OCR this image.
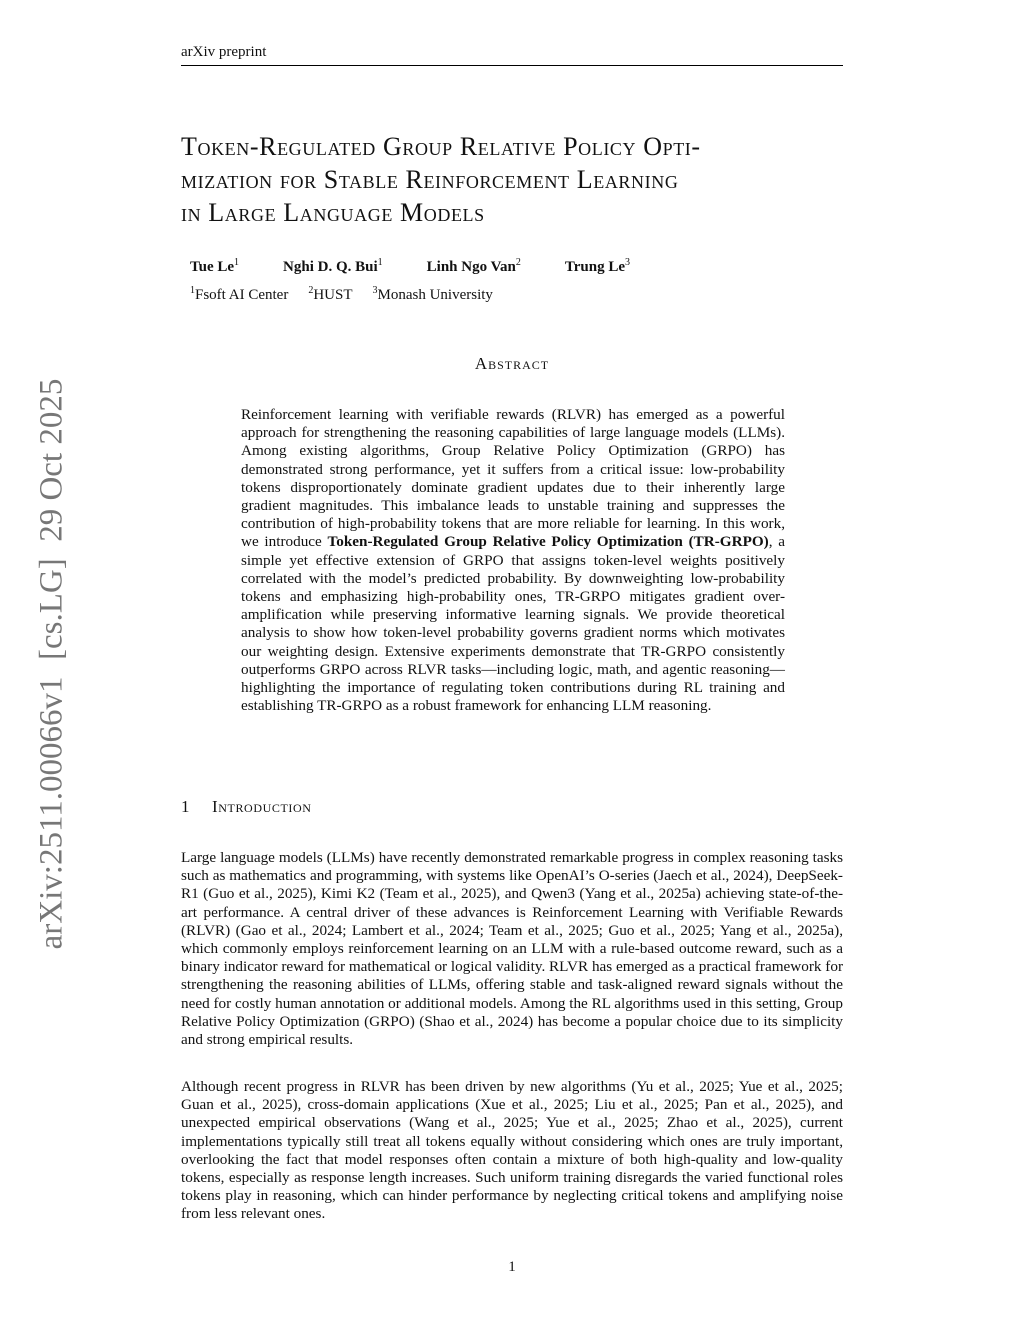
arXiv preprint
arXiv:2511.00066v1  [cs.LG]  29 Oct 2025
Token-Regulated Group Relative Policy Opti-
mization for Stable Reinforcement Learning
in Large Language Models
Tue Le$^1$	Nghi D. Q. Bui$^1$	Linh Ngo Van$^2$	Trung Le$^3$
$^1$Fsoft AI Center $^2$HUST $^3$Monash University
Abstract

Reinforcement learning with verifiable rewards (RLVR) has emerged as a powerful approach for strengthening the reasoning capabilities of large language models (LLMs). Among existing algorithms, Group Relative Policy Optimization (GRPO) has demonstrated strong performance, yet it suffers from a critical issue: low-probability tokens disproportionately dominate gradient updates due to their inherently large gradient magnitudes. This imbalance leads to unstable training and suppresses the contribution of high-probability tokens that are more reliable for learning. In this work, we introduce Token-Regulated Group Relative Policy Optimization (TR-GRPO), a simple yet effective extension of GRPO that assigns token-level weights positively correlated with the model’s predicted probability. By downweighting low-probability tokens and emphasizing high-probability ones, TR-GRPO mitigates gradient over-amplification while preserving informative learning signals. We provide theoretical analysis to show how token-level probability governs gradient norms which motivates our weighting design. Extensive experiments demonstrate that TR-GRPO consistently outperforms GRPO across RLVR tasks—including logic, math, and agentic reasoning—highlighting the importance of regulating token contributions during RL training and establishing TR-GRPO as a robust framework for enhancing LLM reasoning.

1 Introduction

Large language models (LLMs) have recently demonstrated remarkable progress in complex reasoning tasks such as mathematics and programming, with systems like OpenAI’s O-series (Jaech et al., 2024), DeepSeek-R1 (Guo et al., 2025), Kimi K2 (Team et al., 2025), and Qwen3 (Yang et al., 2025a) achieving state-of-the-art performance. A central driver of these advances is Reinforcement Learning with Verifiable Rewards (RLVR) (Gao et al., 2024; Lambert et al., 2024; Team et al., 2025; Guo et al., 2025; Yang et al., 2025a), which commonly employs reinforcement learning on an LLM with a rule-based outcome reward, such as a binary indicator reward for mathematical or logical validity. RLVR has emerged as a practical framework for strengthening the reasoning abilities of LLMs, offering stable and task-aligned reward signals without the need for costly human annotation or additional models. Among the RL algorithms used in this setting, Group Relative Policy Optimization (GRPO) (Shao et al., 2024) has become a popular choice due to its simplicity and strong empirical results.

Although recent progress in RLVR has been driven by new algorithms (Yu et al., 2025; Yue et al., 2025; Guan et al., 2025), cross-domain applications (Xue et al., 2025; Liu et al., 2025; Pan et al., 2025), and unexpected empirical observations (Wang et al., 2025; Yue et al., 2025; Zhao et al., 2025), current implementations typically still treat all tokens equally without considering which ones are truly important, overlooking the fact that model responses often contain a mixture of both high-quality and low-quality tokens, especially as response length increases. Such uniform training disregards the varied functional roles tokens play in reasoning, which can hinder performance by neglecting critical tokens and amplifying noise from less relevant ones.

1
